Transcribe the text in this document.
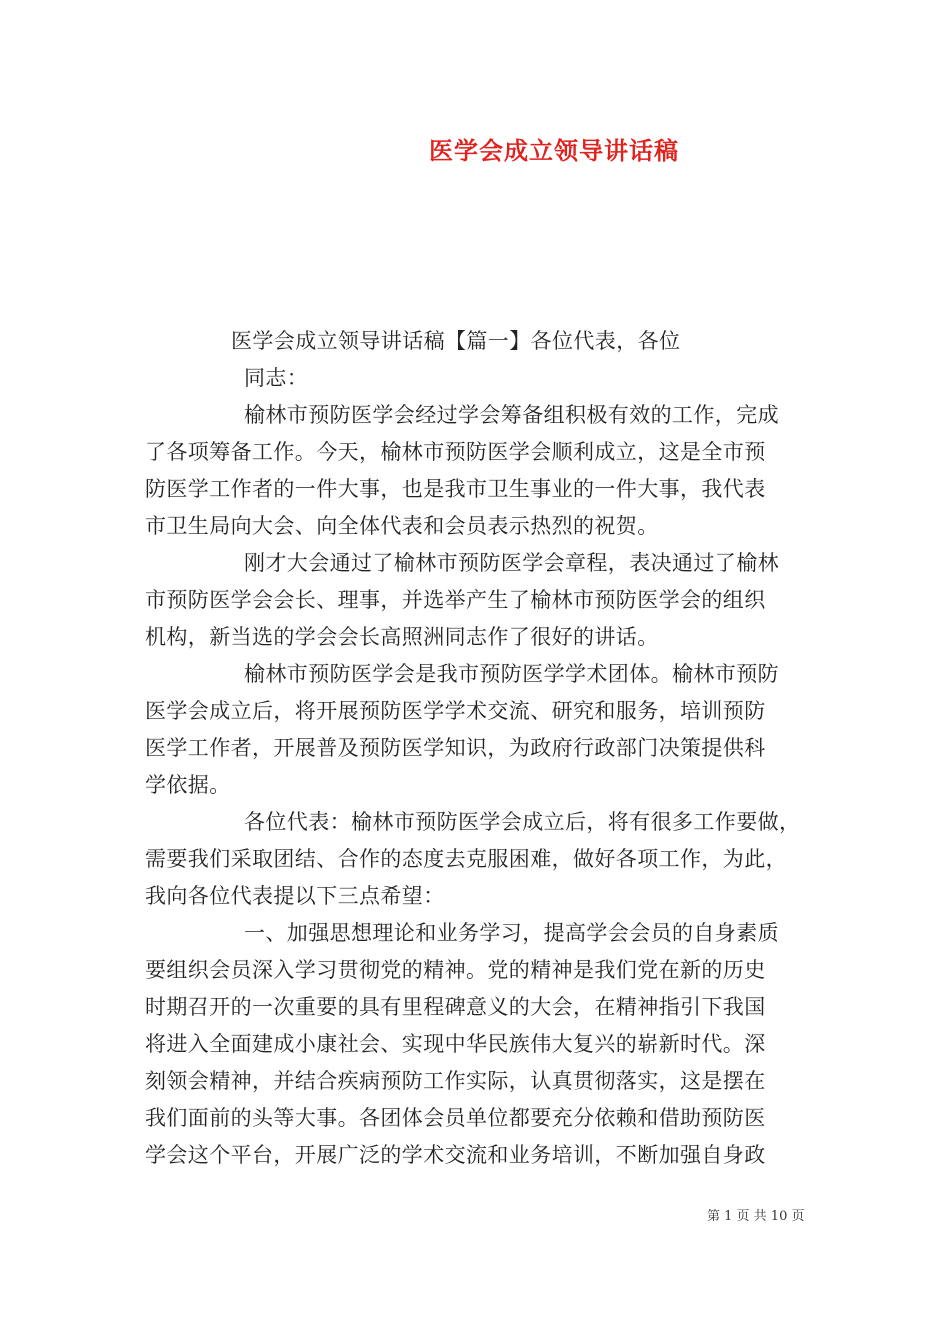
医学会成立领导讲话稿
医学会成立领导讲话稿【篇一】各位代表，各位
同志：
榆林市预防医学会经过学会筹备组积极有效的工作，完成
了各项筹备工作。今天，榆林市预防医学会顺利成立，这是全市预
防医学工作者的一件大事，也是我市卫生事业的一件大事，我代表
市卫生局向大会、向全体代表和会员表示热烈的祝贺。
刚才大会通过了榆林市预防医学会章程，表决通过了榆林
市预防医学会会长、理事，并选举产生了榆林市预防医学会的组织
机构，新当选的学会会长高照洲同志作了很好的讲话。
榆林市预防医学会是我市预防医学学术团体。榆林市预防
医学会成立后，将开展预防医学学术交流、研究和服务，培训预防
医学工作者，开展普及预防医学知识，为政府行政部门决策提供科
学依据。
各位代表：榆林市预防医学会成立后，将有很多工作要做，
需要我们采取团结、合作的态度去克服困难，做好各项工作，为此，
我向各位代表提以下三点希望：
一、加强思想理论和业务学习，提高学会会员的自身素质
要组织会员深入学习贯彻党的精神。党的精神是我们党在新的历史
时期召开的一次重要的具有里程碑意义的大会，在精神指引下我国
将进入全面建成小康社会、实现中华民族伟大复兴的崭新时代。深
刻领会精神，并结合疾病预防工作实际，认真贯彻落实，这是摆在
我们面前的头等大事。各团体会员单位都要充分依赖和借助预防医
学会这个平台，开展广泛的学术交流和业务培训，不断加强自身政
第 1 页 共 10 页
